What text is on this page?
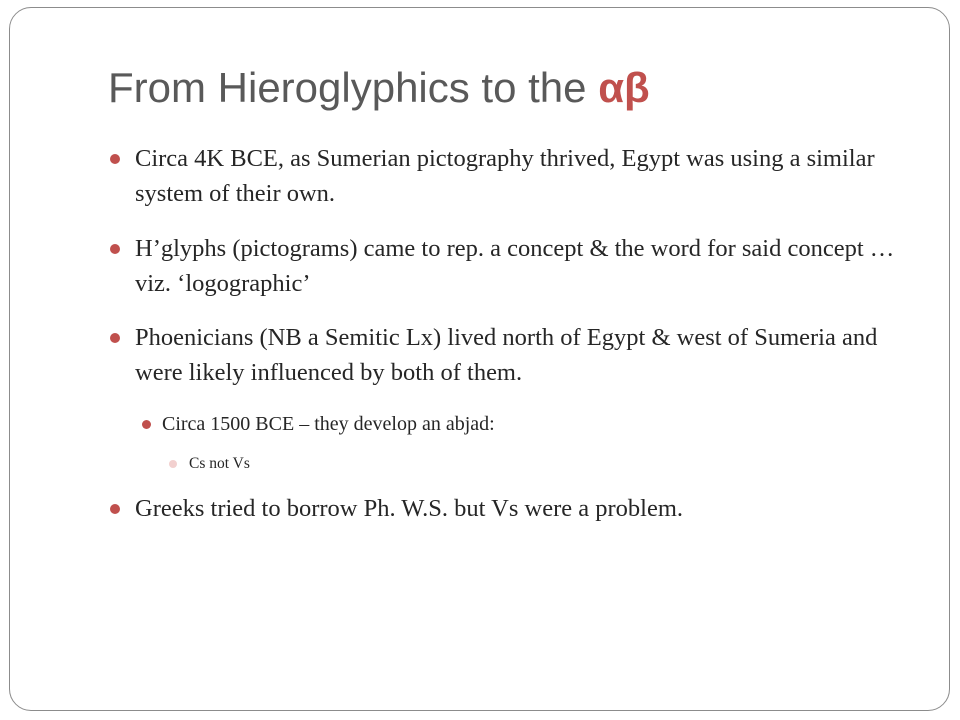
From Hieroglyphics to the αβ

Circa 4K BCE, as Sumerian pictography thrived, Egypt was using a similar system of their own.

H’glyphs (pictograms) came to rep. a concept & the word for said concept …viz. ‘logographic’

Phoenicians (NB a Semitic Lx) lived north of Egypt & west of Sumeria and were likely influenced by both of them.

Circa 1500 BCE – they develop an abjad:

Cs not Vs

Greeks tried to borrow Ph. W.S. but Vs were a problem.
